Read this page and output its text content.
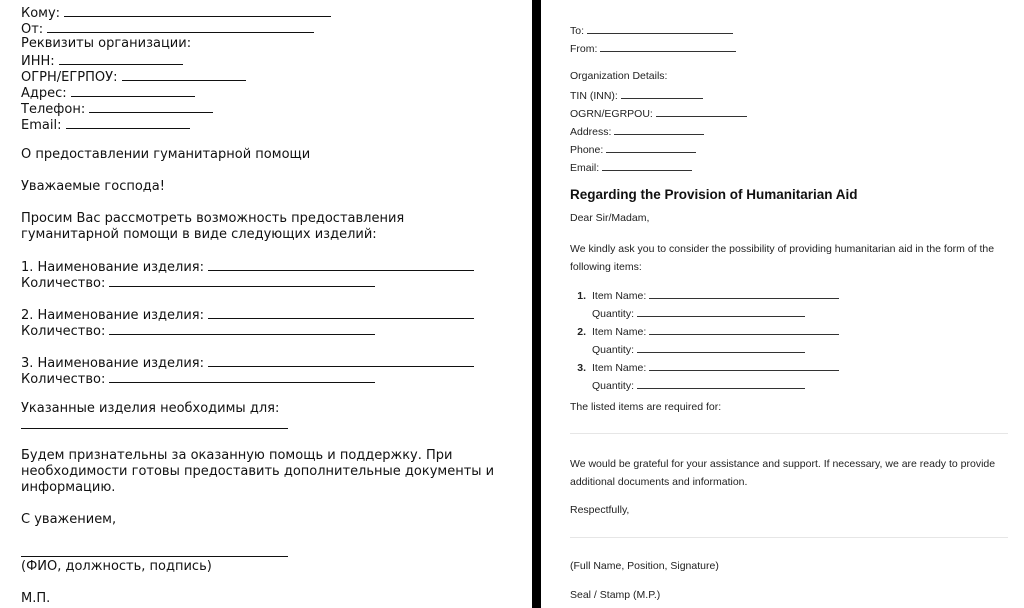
Кому:
От:
Реквизиты организации:
ИНН:
ОГРН/ЕГРПОУ:
Адрес:
Телефон:
Email:
О предоставлении гуманитарной помощи
Уважаемые господа!
Просим Вас рассмотреть возможность предоставления гуманитарной помощи в виде следующих изделий:
1. Наименование изделия:
Количество:
2. Наименование изделия:
Количество:
3. Наименование изделия:
Количество:
Указанные изделия необходимы для:
Будем признательны за оказанную помощь и поддержку. При необходимости готовы предоставить дополнительные документы и информацию.
С уважением,
(ФИО, должность, подпись)
М.П.
To:
From:
Organization Details:
TIN (INN):
OGRN/EGRPOU:
Address:
Phone:
Email:
Regarding the Provision of Humanitarian Aid
Dear Sir/Madam,
We kindly ask you to consider the possibility of providing humanitarian aid in the form of the following items:
1. Item Name:
Quantity:
2. Item Name:
Quantity:
3. Item Name:
Quantity:
The listed items are required for:
We would be grateful for your assistance and support. If necessary, we are ready to provide additional documents and information.
Respectfully,
(Full Name, Position, Signature)
Seal / Stamp (M.P.)
